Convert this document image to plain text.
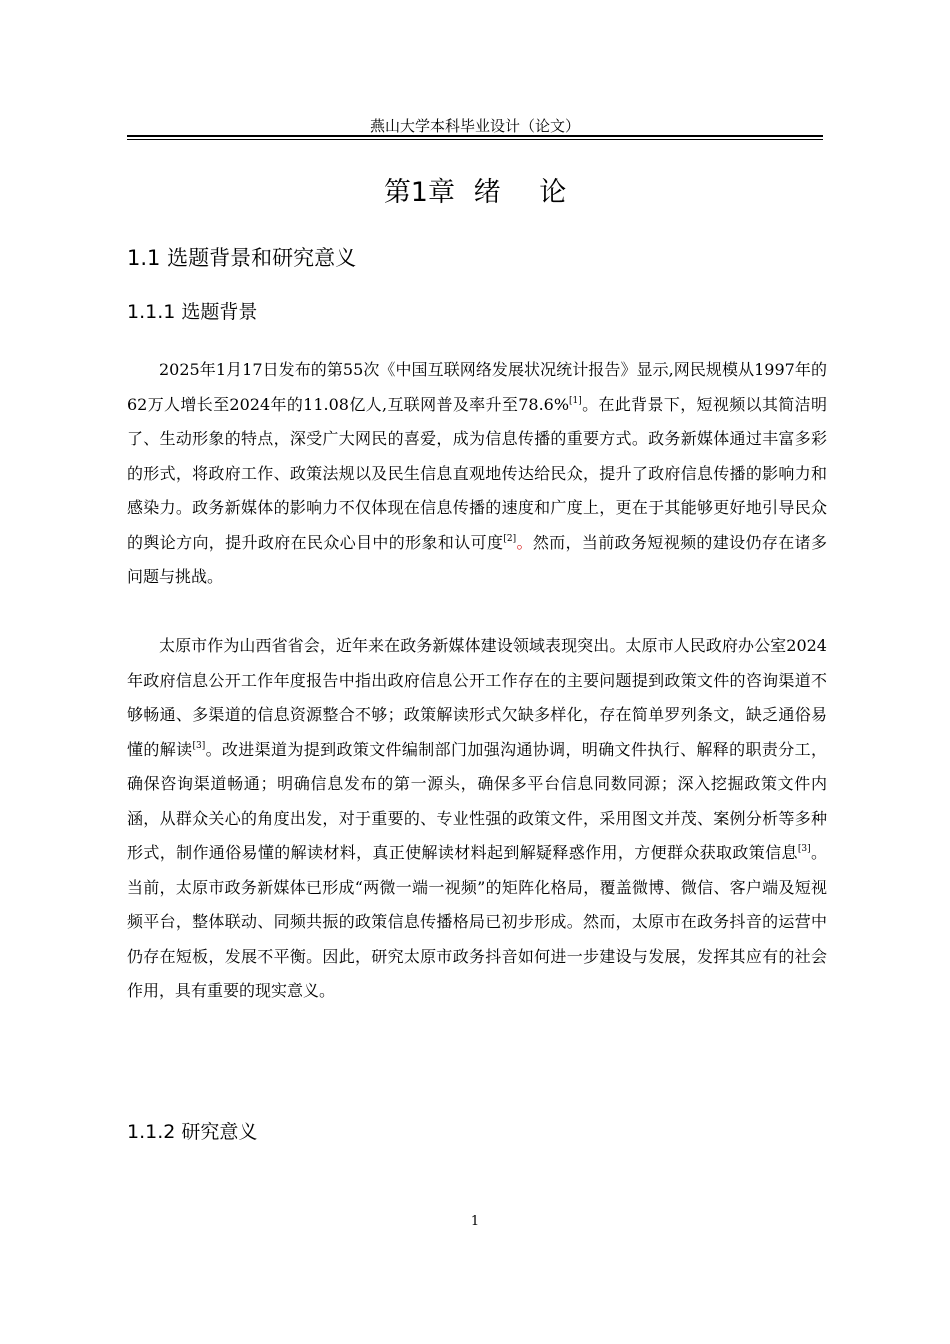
燕山大学本科毕业设计（论文）
第1章 绪 论
1.1 选题背景和研究意义
1.1.1 选题背景

2025年1月17日发布的第55次《中国互联网络发展状况统计报告》显示,网民规模从1997年的62万人增长至2024年的11.08亿人,互联网普及率升至78.6%[1]。在此背景下，短视频以其简洁明了、生动形象的特点，深受广大网民的喜爱，成为信息传播的重要方式。政务新媒体通过丰富多彩的形式，将政府工作、政策法规以及民生信息直观地传达给民众，提升了政府信息传播的影响力和感染力。政务新媒体的影响力不仅体现在信息传播的速度和广度上，更在于其能够更好地引导民众的舆论方向，提升政府在民众心目中的形象和认可度[2]。然而，当前政务短视频的建设仍存在诸多问题与挑战。

太原市作为山西省省会，近年来在政务新媒体建设领域表现突出。太原市人民政府办公室2024年政府信息公开工作年度报告中指出政府信息公开工作存在的主要问题提到政策文件的咨询渠道不够畅通、多渠道的信息资源整合不够；政策解读形式欠缺多样化，存在简单罗列条文，缺乏通俗易懂的解读[3]。改进渠道为提到政策文件编制部门加强沟通协调，明确文件执行、解释的职责分工，确保咨询渠道畅通；明确信息发布的第一源头，确保多平台信息同数同源；深入挖掘政策文件内涵，从群众关心的角度出发，对于重要的、专业性强的政策文件，采用图文并茂、案例分析等多种形式，制作通俗易懂的解读材料，真正使解读材料起到解疑释惑作用，方便群众获取政策信息[3]。当前，太原市政务新媒体已形成“两微一端一视频”的矩阵化格局，覆盖微博、微信、客户端及短视频平台，整体联动、同频共振的政策信息传播格局已初步形成。然而，太原市在政务抖音的运营中仍存在短板，发展不平衡。因此，研究太原市政务抖音如何进一步建设与发展，发挥其应有的社会作用，具有重要的现实意义。

1.1.2 研究意义
1
